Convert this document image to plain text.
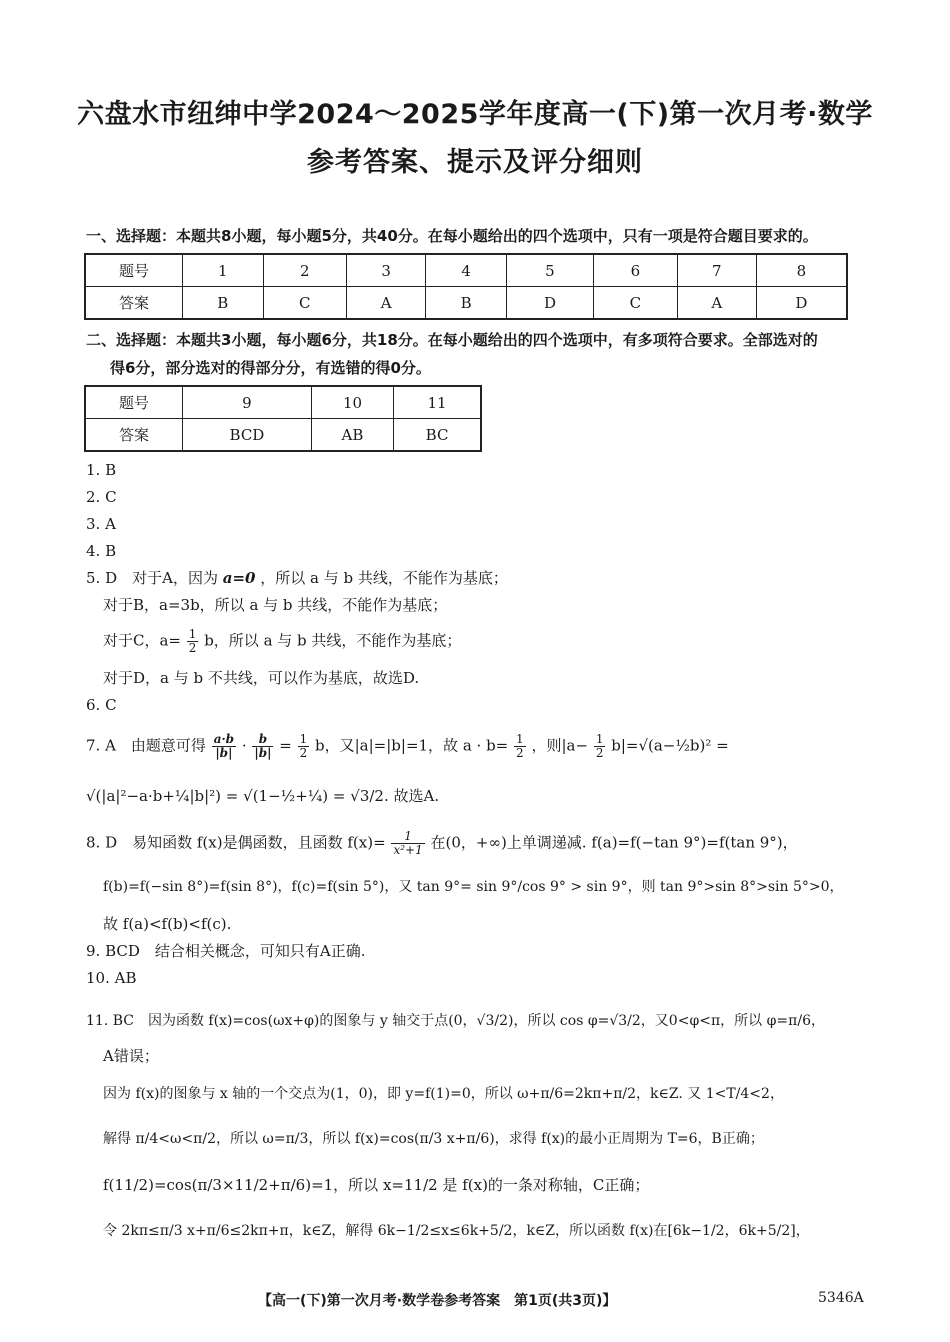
六盘水市纽绅中学2024～2025学年度高一(下)第一次月考·数学
参考答案、提示及评分细则
一、选择题：本题共8小题，每小题5分，共40分。在每小题给出的四个选项中，只有一项是符合题目要求的。
题号	1	2	3	4	5	6	7	8
答案	B	C	A	B	D	C	A	D
二、选择题：本题共3小题，每小题6分，共18分。在每小题给出的四个选项中，有多项符合要求。全部选对的
得6分，部分选对的得部分分，有选错的得0分。
题号	9	10	11
答案	BCD	AB	BC
1. B
2. C
3. A
4. B
5. D　对于A，因为 a=0 ，所以 a 与 b 共线，不能作为基底；
对于B，a=3b，所以 a 与 b 共线，不能作为基底；
对于C，$a= \frac{1}{2}$ b，所以 a 与 b 共线，不能作为基底；
对于D，a 与 b 不共线，可以作为基底，故选D.
6. C
7. A　由题意可得 $\frac{a\cdot b}{|b|} \cdot \frac{b}{|b|} = \frac{1}{2}$ b，又|a|=|b|=1，故 $a \cdot b= \frac{1}{2}$ ，则$|a- \frac{1}{2}$ b|=√(a−½b)² =
√(|a|²−a·b+¼|b|²) = √(1−½+¼) = √3/2. 故选A.
8. D　易知函数 f(x)是偶函数，且函数 $f(x)= \frac{1}{\text{x²+1}}$ 在(0，+∞)上单调递减. f(a)=f(−tan 9°)=f(tan 9°)，
f(b)=f(−sin 8°)=f(sin 8°)，f(c)=f(sin 5°)，又 tan 9°= sin 9°/cos 9° > sin 9°，则 tan 9°>sin 8°>sin 5°>0，
故 f(a)<f(b)<f(c).
9. BCD　结合相关概念，可知只有A正确.
10. AB
11. BC　因为函数 f(x)=cos(ωx+φ)的图象与 y 轴交于点(0，√3/2)，所以 cos φ=√3/2，又0<φ<π，所以 φ=π/6，
A错误；
因为 f(x)的图象与 x 轴的一个交点为(1，0)，即 y=f(1)=0，所以 ω+π/6=2kπ+π/2，k∈Z. 又 1<T/4<2，
解得 π/4<ω<π/2，所以 ω=π/3，所以 f(x)=cos(π/3 x+π/6)，求得 f(x)的最小正周期为 T=6，B正确；
f(11/2)=cos(π/3×11/2+π/6)=1，所以 x=11/2 是 f(x)的一条对称轴，C正确；
令 2kπ≤π/3 x+π/6≤2kπ+π，k∈Z，解得 6k−1/2≤x≤6k+5/2，k∈Z，所以函数 f(x)在[6k−1/2，6k+5/2]，
【高一(下)第一次月考·数学卷参考答案　第1页(共3页)】	5346A
